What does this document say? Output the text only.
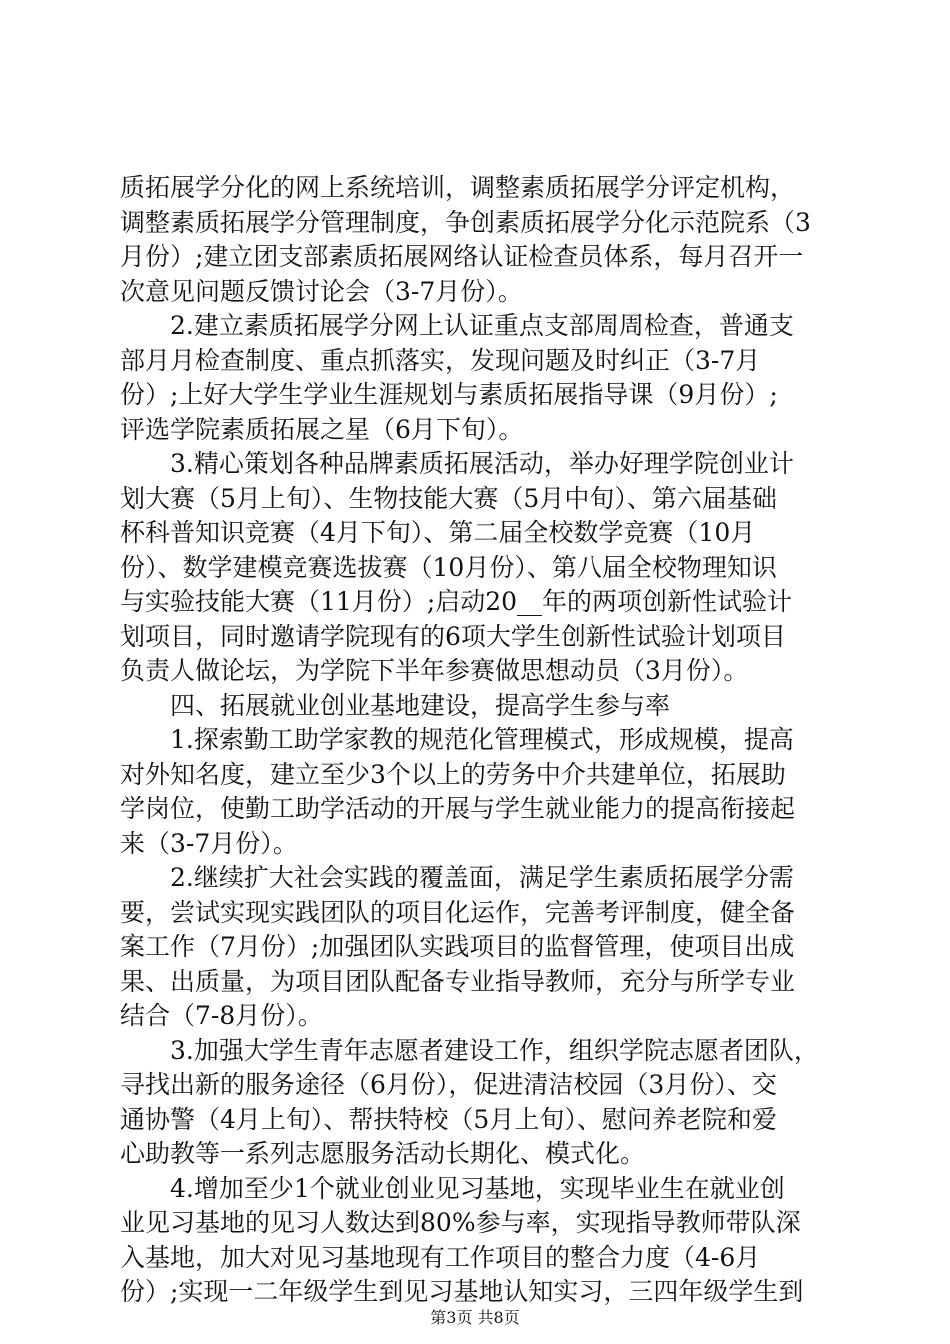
质拓展学分化的网上系统培训，调整素质拓展学分评定机构，
调整素质拓展学分管理制度，争创素质拓展学分化示范院系（3
月份）;建立团支部素质拓展网络认证检查员体系，每月召开一
次意见问题反馈讨论会（3-7月份）。
2.建立素质拓展学分网上认证重点支部周周检查，普通支
部月月检查制度、重点抓落实，发现问题及时纠正（3-7月
份）;上好大学生学业生涯规划与素质拓展指导课（9月份）;
评选学院素质拓展之星（6月下旬）。
3.精心策划各种品牌素质拓展活动，举办好理学院创业计
划大赛（5月上旬）、生物技能大赛（5月中旬）、第六届基础
杯科普知识竞赛（4月下旬）、第二届全校数学竞赛（10月
份）、数学建模竞赛选拔赛（10月份）、第八届全校物理知识
与实验技能大赛（11月份）;启动20__年的两项创新性试验计
划项目，同时邀请学院现有的6项大学生创新性试验计划项目
负责人做论坛，为学院下半年参赛做思想动员（3月份）。
四、拓展就业创业基地建设，提高学生参与率
1.探索勤工助学家教的规范化管理模式，形成规模，提高
对外知名度，建立至少3个以上的劳务中介共建单位，拓展助
学岗位，使勤工助学活动的开展与学生就业能力的提高衔接起
来（3-7月份）。
2.继续扩大社会实践的覆盖面，满足学生素质拓展学分需
要，尝试实现实践团队的项目化运作，完善考评制度，健全备
案工作（7月份）;加强团队实践项目的监督管理，使项目出成
果、出质量，为项目团队配备专业指导教师，充分与所学专业
结合（7-8月份）。
3.加强大学生青年志愿者建设工作，组织学院志愿者团队，
寻找出新的服务途径（6月份），促进清洁校园（3月份）、交
通协警（4月上旬）、帮扶特校（5月上旬）、慰问养老院和爱
心助教等一系列志愿服务活动长期化、模式化。
4.增加至少1个就业创业见习基地，实现毕业生在就业创
业见习基地的见习人数达到80%参与率，实现指导教师带队深
入基地，加大对见习基地现有工作项目的整合力度（4-6月
份）;实现一二年级学生到见习基地认知实习，三四年级学生到
第3页 共8页
